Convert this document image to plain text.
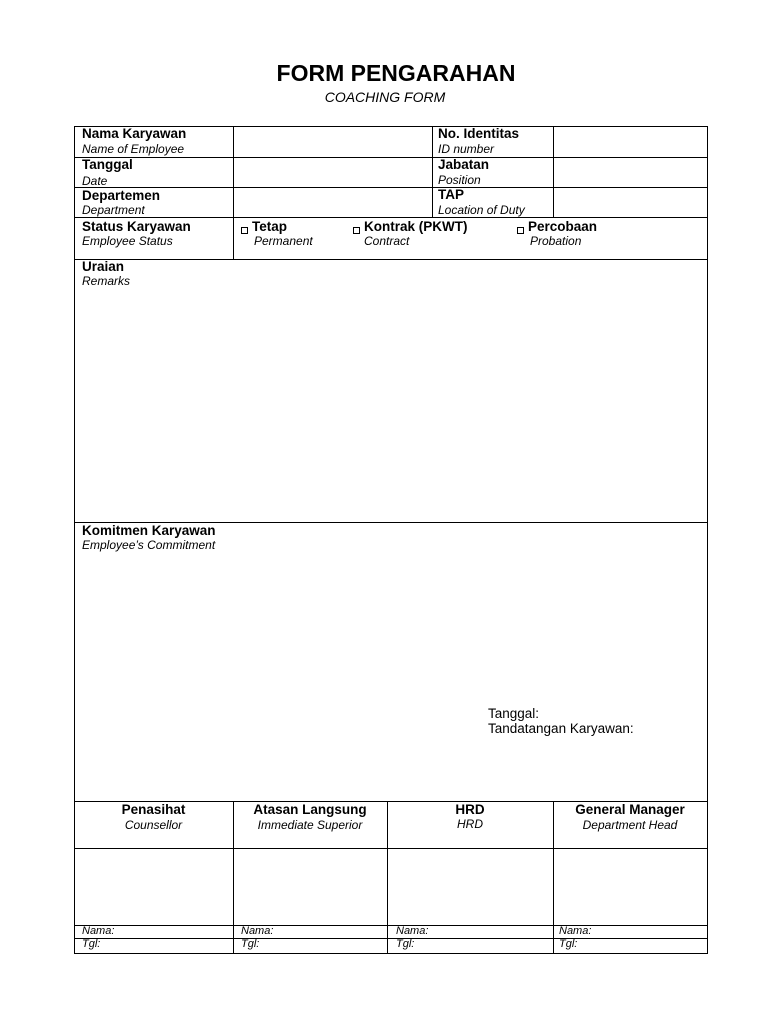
FORM PENGARAHAN
COACHING FORM
Nama Karyawan
Name of Employee
No. Identitas
ID number
Tanggal
Date
Jabatan
Position
Departemen
Department
TAP
Location of Duty
Status Karyawan
Employee Status
Tetap
Permanent
Kontrak (PKWT)
Contract
Percobaan
Probation
Uraian
Remarks
Komitmen Karyawan
Employee’s Commitment
Tanggal:
Tandatangan Karyawan:
Penasihat
Counsellor
Atasan Langsung
Immediate Superior
HRD
HRD
General Manager
Department Head
Nama:
Tgl:
Nama:
Tgl:
Nama:
Tgl:
Nama:
Tgl:
